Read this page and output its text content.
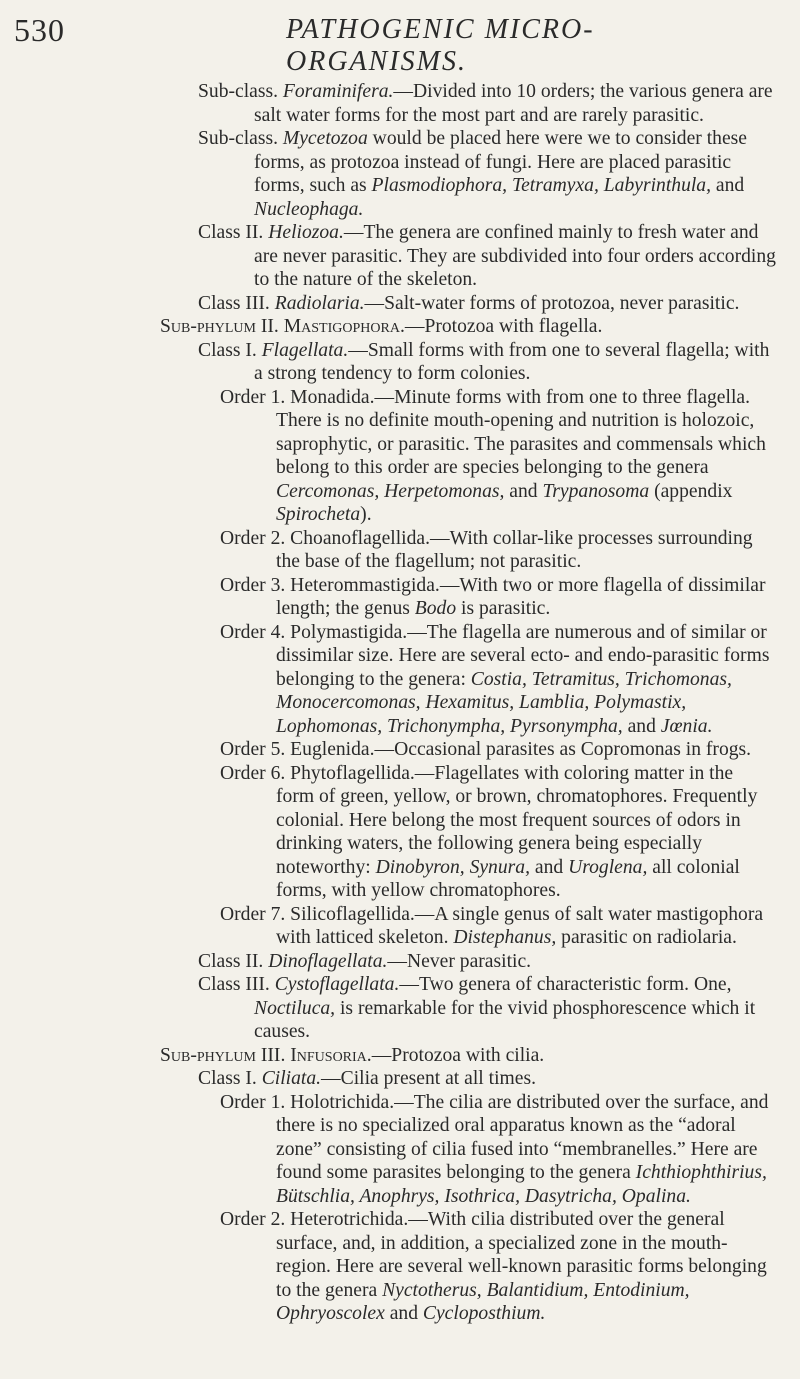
530	PATHOGENIC MICRO-ORGANISMS.

Sub-class. Foraminifera.—Divided into 10 orders; the various genera are salt water forms for the most part and are rarely parasitic.

Sub-class. Mycetozoa would be placed here were we to consider these forms, as protozoa instead of fungi. Here are placed parasitic forms, such as Plasmodiophora, Tetramyxa, Labyrinthula, and Nucleophaga.

Class II. Heliozoa.—The genera are confined mainly to fresh water and are never parasitic. They are subdivided into four orders according to the nature of the skeleton.

Class III. Radiolaria.—Salt-water forms of protozoa, never parasitic.

Sub-phylum II. Mastigophora.—Protozoa with flagella.

Class I. Flagellata.—Small forms with from one to several flagella; with a strong tendency to form colonies.

Order 1. Monadida.—Minute forms with from one to three flagella. There is no definite mouth-opening and nutrition is holozoic, saprophytic, or parasitic. The parasites and commensals which belong to this order are species belonging to the genera Cercomonas, Herpetomonas, and Trypanosoma (appendix Spirocheta).

Order 2. Choanoflagellida.—With collar-like processes surrounding the base of the flagellum; not parasitic.

Order 3. Heterommastigida.—With two or more flagella of dissimilar length; the genus Bodo is parasitic.

Order 4. Polymastigida.—The flagella are numerous and of similar or dissimilar size. Here are several ecto- and endo-parasitic forms belonging to the genera: Costia, Tetramitus, Trichomonas, Monocercomonas, Hexamitus, Lamblia, Polymastix, Lophomonas, Trichonympha, Pyrsonympha, and Jœnia.

Order 5. Euglenida.—Occasional parasites as Copromonas in frogs.

Order 6. Phytoflagellida.—Flagellates with coloring matter in the form of green, yellow, or brown, chromatophores. Frequently colonial. Here belong the most frequent sources of odors in drinking waters, the following genera being especially noteworthy: Dinobyron, Synura, and Uroglena, all colonial forms, with yellow chromatophores.

Order 7. Silicoflagellida.—A single genus of salt water mastigophora with latticed skeleton. Distephanus, parasitic on radiolaria.

Class II. Dinoflagellata.—Never parasitic.

Class III. Cystoflagellata.—Two genera of characteristic form. One, Noctiluca, is remarkable for the vivid phosphorescence which it causes.

Sub-phylum III. Infusoria.—Protozoa with cilia.

Class I. Ciliata.—Cilia present at all times.

Order 1. Holotrichida.—The cilia are distributed over the surface, and there is no specialized oral apparatus known as the “adoral zone” consisting of cilia fused into “membranelles.” Here are found some parasites belonging to the genera Ichthiophthirius, Bütschlia, Anophrys, Isothrica, Dasytricha, Opalina.

Order 2. Heterotrichida.—With cilia distributed over the general surface, and, in addition, a specialized zone in the mouth-region. Here are several well-known parasitic forms belonging to the genera Nyctotherus, Balantidium, Entodinium, Ophryoscolex and Cycloposthium.
